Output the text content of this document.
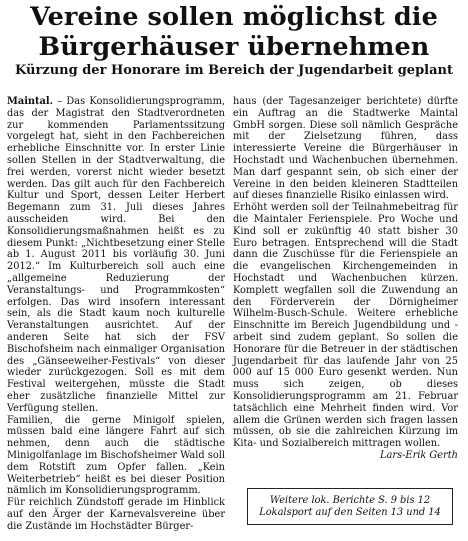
Vereine sollen möglichst die
Bürgerhäuser übernehmen
Kürzung der Honorare im Bereich der Jugendarbeit geplant

Maintal. – Das Konsolidierungsprogramm, das der Magistrat den Stadtverordneten zur kommenden Parlamentssitzung vorgelegt hat, sieht in den Fachbereichen erhebliche Einschnitte vor. In erster Linie sollen Stellen in der Stadtverwaltung, die frei werden, vorerst nicht wieder besetzt werden. Das gilt auch für den Fachbereich Kultur und Sport, dessen Leiter Herbert Begemann zum 31. Juli dieses Jahres ausscheiden wird. Bei den Konsolidierungsmaßnahmen heißt es zu diesem Punkt: „Nichtbesetzung einer Stelle ab 1. August 2011 bis vorläufig 30. Juni 2012.“ Im Kulturbereich soll auch eine „allgemeine Reduzierung der Veranstaltungs- und Programmkosten“ erfolgen. Das wird insofern interessant sein, als die Stadt kaum noch kulturelle Veranstaltungen ausrichtet. Auf der anderen Seite hat sich der FSV Bischofsheim nach einmaliger Organisation des „Gänseeweiher-Festivals“ von dieser wieder zurückgezogen. Soll es mit dem Festival weitergehen, müsste die Stadt eher zusätzliche finanzielle Mittel zur Verfügung stellen.

Familien, die gerne Minigolf spielen, müssen bald eine längere Fahrt auf sich nehmen, denn auch die städtische Minigolfanlage im Bischofsheimer Wald soll dem Rotstift zum Opfer fallen. „Kein Weiterbetrieb“ heißt es bei dieser Position nämlich im Konsolidierungsprogramm.

Für reichlich Zündstoff gerade im Hinblick auf den Ärger der Karnevalsvereine über die Zustände im Hochstädter Bürger-

haus (der Tagesanzeiger berichtete) dürfte ein Auftrag an die Stadtwerke Maintal GmbH sorgen. Diese soll nämlich Gespräche mit der Zielsetzung führen, dass interessierte Vereine die Bürgerhäuser in Hochstadt und Wachenbuchen übernehmen. Man darf gespannt sein, ob sich einer der Vereine in den beiden kleineren Stadtteilen auf dieses finanzielle Risiko einlassen wird.

Erhöht werden soll der Teilnahmebeitrag für die Maintaler Ferienspiele. Pro Woche und Kind soll er zukünftig 40 statt bisher 30 Euro betragen. Entsprechend will die Stadt dann die Zuschüsse für die Ferienspiele an die evangelischen Kirchengemeinden in Hochstadt und Wachenbuchen kürzen. Komplett wegfallen soll die Zuwendung an den Förderverein der Dörnigheimer Wilhelm-Busch-Schule. Weitere erhebliche Einschnitte im Bereich Jugendbildung und -arbeit sind zudem geplant. So sollen die Honorare für die Betreuer in der städtischen Jugendarbeit für das laufende Jahr von 25 000 auf 15 000 Euro gesenkt werden. Nun muss sich zeigen, ob dieses Konsolidierungsprogramm am 21. Februar tatsächlich eine Mehrheit finden wird. Vor allem die Grünen werden sich fragen lassen müssen, ob sie die zahlreichen Kürzung im Kita- und Sozialbereich mittragen wollen.

Lars-Erik Gerth

Weitere lok. Berichte S. 9 bis 12
Lokalsport auf den Seiten 13 und 14
